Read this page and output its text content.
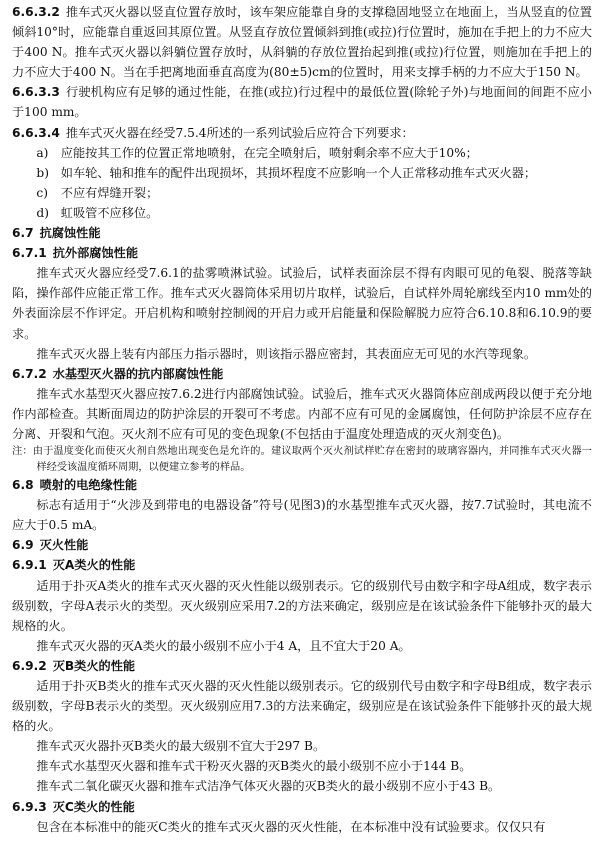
6.6.3.2 推车式灭火器以竖直位置存放时，该车架应能靠自身的支撑稳固地竖立在地面上，当从竖直的位置倾斜10°时，应能靠自重返回其原位置。从竖直存放位置倾斜到推(或拉)行位置时，施加在手把上的力不应大于400 N。推车式灭火器以斜躺位置存放时，从斜躺的存放位置抬起到推(或拉)行位置，则施加在手把上的力不应大于400 N。当在手把离地面垂直高度为(80±5)cm的位置时，用来支撑手柄的力不应大于150 N。

6.6.3.3 行驶机构应有足够的通过性能，在推(或拉)行过程中的最低位置(除轮子外)与地面间的间距不应小于100 mm。

6.6.3.4 推车式灭火器在经受7.5.4所述的一系列试验后应符合下列要求：

a) 应能按其工作的位置正常地喷射，在完全喷射后，喷射剩余率不应大于10%；

b) 如车轮、轴和推车的配件出现损坏，其损坏程度不应影响一个人正常移动推车式灭火器；

c) 不应有焊缝开裂；

d) 虹吸管不应移位。

6.7 抗腐蚀性能

6.7.1 抗外部腐蚀性能

推车式灭火器应经受7.6.1的盐雾喷淋试验。试验后，试样表面涂层不得有肉眼可见的龟裂、脱落等缺陷，操作部件应能正常工作。推车式灭火器筒体采用切片取样，试验后，自试样外周轮廓线至内10 mm处的外表面涂层不作评定。开启机构和喷射控制阀的开启力或开启能量和保险解脱力应符合6.10.8和6.10.9的要求。

推车式灭火器上装有内部压力指示器时，则该指示器应密封，其表面应无可见的水汽等现象。

6.7.2 水基型灭火器的抗内部腐蚀性能

推车式水基型灭火器应按7.6.2进行内部腐蚀试验。试验后，推车式灭火器筒体应剖成两段以便于充分地作内部检查。其断面周边的防护涂层的开裂可不考虑。内部不应有可见的金属腐蚀，任何防护涂层不应存在分离、开裂和气泡。灭火剂不应有可见的变色现象(不包括由于温度处理造成的灭火剂变色)。

注：由于温度变化而使灭火剂自然地出现变色是允许的。建议取两个灭火剂试样贮存在密封的玻璃容器内，并同推车式灭火器一样经受该温度循环周期，以便建立参考的样品。

6.8 喷射的电绝缘性能

标志有适用于“火涉及到带电的电器设备”符号(见图3)的水基型推车式灭火器，按7.7试验时，其电流不应大于0.5 mA。

6.9 灭火性能

6.9.1 灭A类火的性能

适用于扑灭A类火的推车式灭火器的灭火性能以级别表示。它的级别代号由数字和字母A组成，数字表示级别数，字母A表示火的类型。灭火级别应采用7.2的方法来确定，级别应是在该试验条件下能够扑灭的最大规格的火。

推车式灭火器的灭A类火的最小级别不应小于4 A，且不宜大于20 A。

6.9.2 灭B类火的性能

适用于扑灭B类火的推车式灭火器的灭火性能以级别表示。它的级别代号由数字和字母B组成，数字表示级别数，字母B表示火的类型。灭火级别应用7.3的方法来确定，级别应是在该试验条件下能够扑灭的最大规格的火。

推车式灭火器扑灭B类火的最大级别不宜大于297 B。

推车式水基型灭火器和推车式干粉灭火器的灭B类火的最小级别不应小于144 B。

推车式二氧化碳灭火器和推车式洁净气体灭火器的灭B类火的最小级别不应小于43 B。

6.9.3 灭C类火的性能

包含在本标准中的能灭C类火的推车式灭火器的灭火性能，在本标准中没有试验要求。仅仅只有
